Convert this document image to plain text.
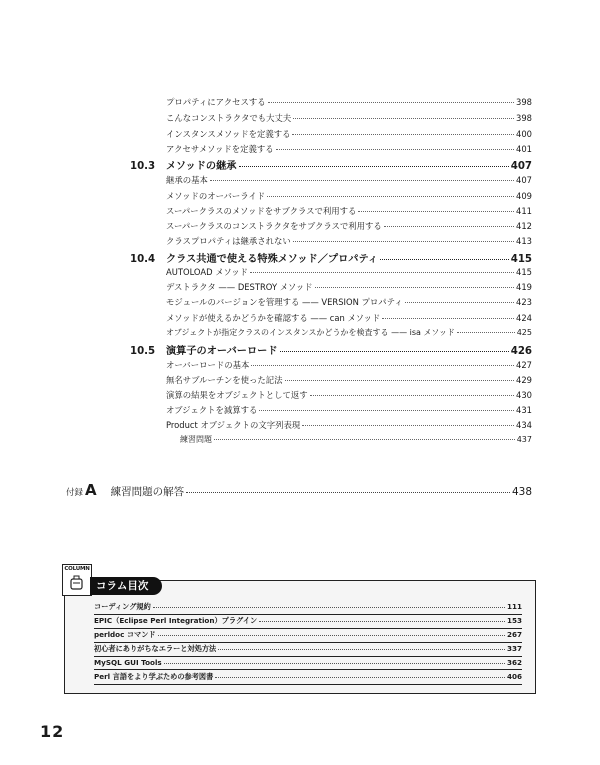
プロパティにアクセスする	398
こんなコンストラクタでも大丈夫	398
インスタンスメソッドを定義する	400
アクセサメソッドを定義する	401
10.3	メソッドの継承	407
継承の基本	407
メソッドのオーバーライド	409
スーパークラスのメソッドをサブクラスで利用する	411
スーパークラスのコンストラクタをサブクラスで利用する	412
クラスプロパティは継承されない	413
10.4	クラス共通で使える特殊メソッド／プロパティ	415
AUTOLOAD メソッド	415
デストラクタ —— DESTROY メソッド	419
モジュールのバージョンを管理する —— VERSION プロパティ	423
メソッドが使えるかどうかを確認する —— can メソッド	424
オブジェクトが指定クラスのインスタンスかどうかを検査する —— isa メソッド	425
10.5	演算子のオーバーロード	426
オーバーロードの基本	427
無名サブルーチンを使った記法	429
演算の結果をオブジェクトとして返す	430
オブジェクトを減算する	431
Product オブジェクトの文字列表現	434
練習問題	437
付録 A 練習問題の解答	438
COLUMN
コラム目次
コーディング規約	111
EPIC（Eclipse Perl Integration）プラグイン	153
perldoc コマンド	267
初心者にありがちなエラーと対処方法	337
MySQL GUI Tools	362
Perl 言語をより学ぶための参考図書	406
12
